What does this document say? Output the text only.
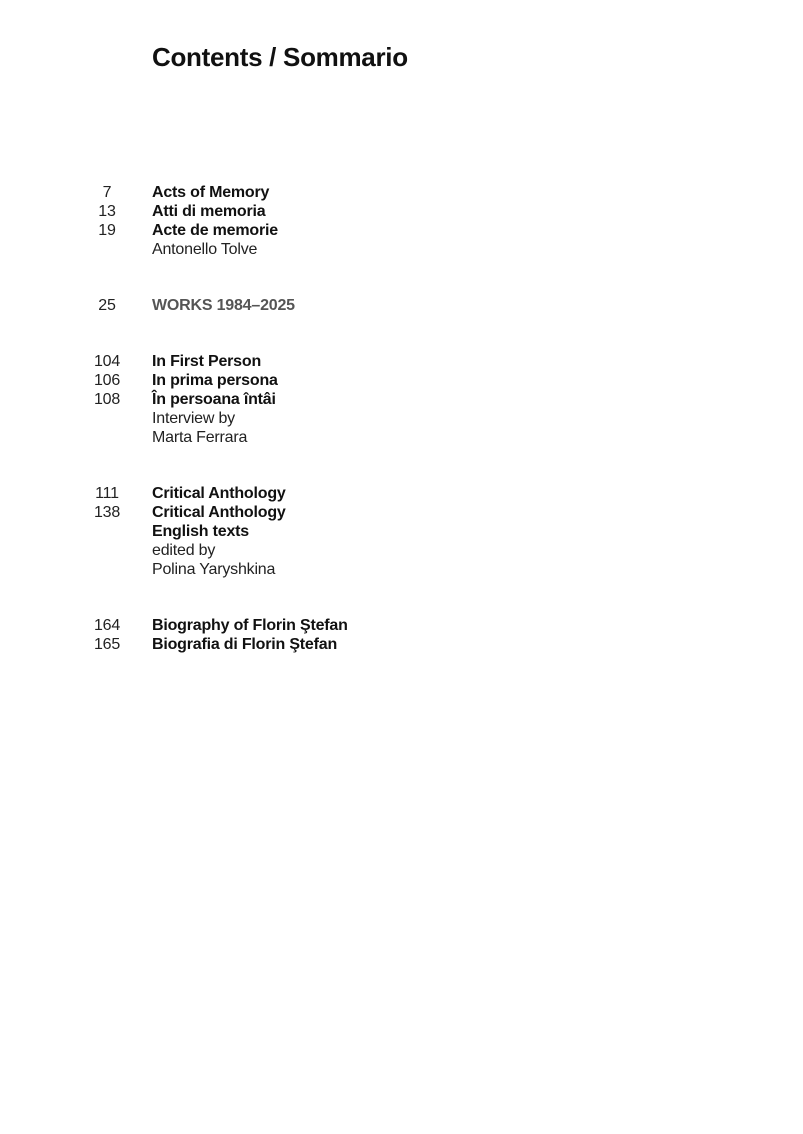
Contents / Sommario
7	Acts of Memory
13	Atti di memoria
19	Acte de memorie
Antonello Tolve
25	WORKS 1984–2025
104	In First Person
106	In prima persona
108	În persoana întâi
Interview by
Marta Ferrara
111	Critical Anthology
138	Critical Anthology
English texts
edited by
Polina Yaryshkina
164	Biography of Florin Ştefan
165	Biografia di Florin Ştefan
